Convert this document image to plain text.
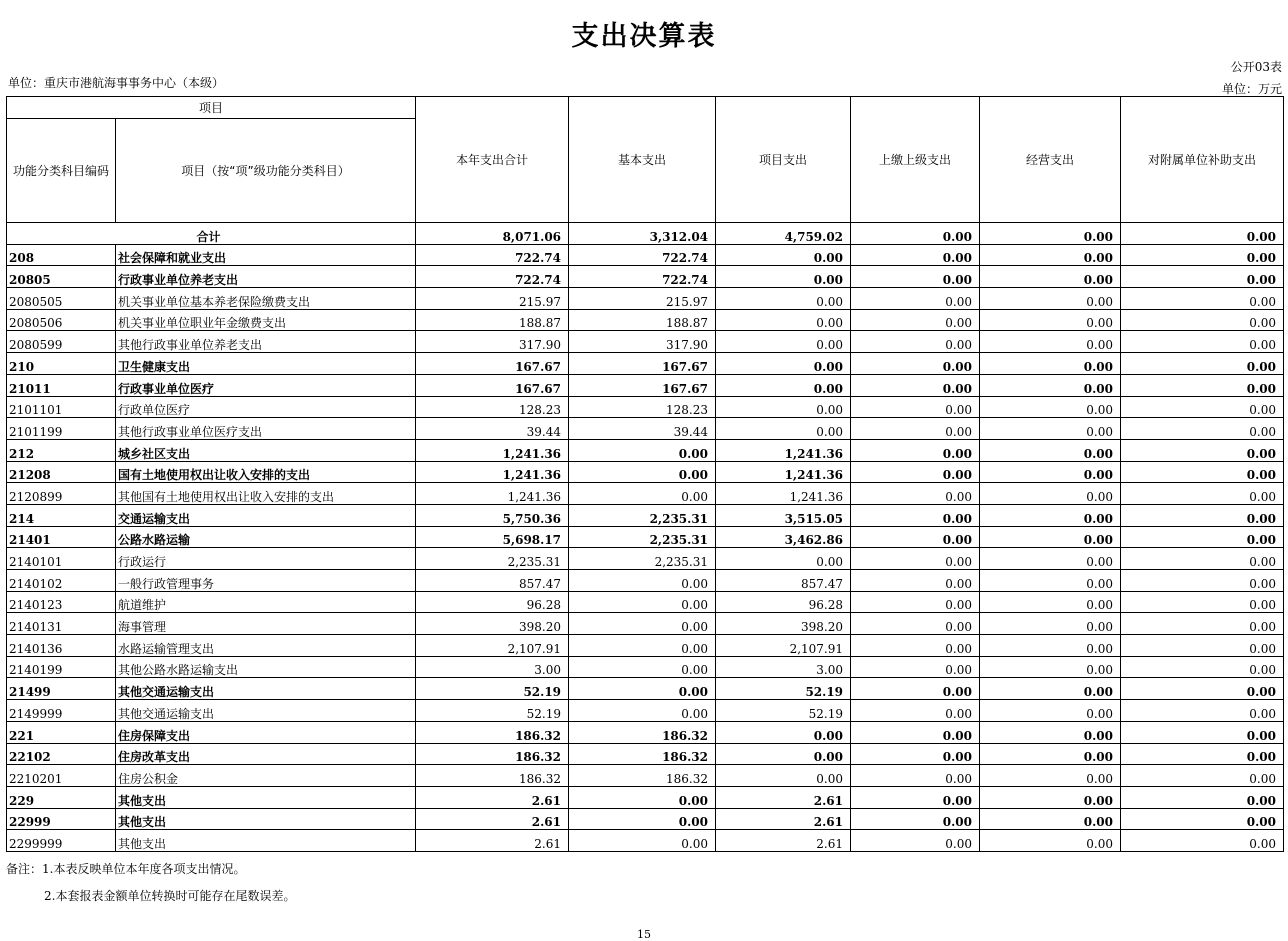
支出决算表
公开03表
单位：重庆市港航海事事务中心（本级）	单位：万元
项目		本年支出合计	基本支出	项目支出	上缴上级支出	经营支出	对附属单位补助支出
功能分类科目编码	项目（按“项”级功能分类科目）						
合计		8,071.06	3,312.04	4,759.02	0.00	0.00	0.00
208	社会保障和就业支出	722.74	722.74	0.00	0.00	0.00	0.00
20805	行政事业单位养老支出	722.74	722.74	0.00	0.00	0.00	0.00
2080505	机关事业单位基本养老保险缴费支出	215.97	215.97	0.00	0.00	0.00	0.00
2080506	机关事业单位职业年金缴费支出	188.87	188.87	0.00	0.00	0.00	0.00
2080599	其他行政事业单位养老支出	317.90	317.90	0.00	0.00	0.00	0.00
210	卫生健康支出	167.67	167.67	0.00	0.00	0.00	0.00
21011	行政事业单位医疗	167.67	167.67	0.00	0.00	0.00	0.00
2101101	行政单位医疗	128.23	128.23	0.00	0.00	0.00	0.00
2101199	其他行政事业单位医疗支出	39.44	39.44	0.00	0.00	0.00	0.00
212	城乡社区支出	1,241.36	0.00	1,241.36	0.00	0.00	0.00
21208	国有土地使用权出让收入安排的支出	1,241.36	0.00	1,241.36	0.00	0.00	0.00
2120899	其他国有土地使用权出让收入安排的支出	1,241.36	0.00	1,241.36	0.00	0.00	0.00
214	交通运输支出	5,750.36	2,235.31	3,515.05	0.00	0.00	0.00
21401	公路水路运输	5,698.17	2,235.31	3,462.86	0.00	0.00	0.00
2140101	行政运行	2,235.31	2,235.31	0.00	0.00	0.00	0.00
2140102	一般行政管理事务	857.47	0.00	857.47	0.00	0.00	0.00
2140123	航道维护	96.28	0.00	96.28	0.00	0.00	0.00
2140131	海事管理	398.20	0.00	398.20	0.00	0.00	0.00
2140136	水路运输管理支出	2,107.91	0.00	2,107.91	0.00	0.00	0.00
2140199	其他公路水路运输支出	3.00	0.00	3.00	0.00	0.00	0.00
21499	其他交通运输支出	52.19	0.00	52.19	0.00	0.00	0.00
2149999	其他交通运输支出	52.19	0.00	52.19	0.00	0.00	0.00
221	住房保障支出	186.32	186.32	0.00	0.00	0.00	0.00
22102	住房改革支出	186.32	186.32	0.00	0.00	0.00	0.00
2210201	住房公积金	186.32	186.32	0.00	0.00	0.00	0.00
229	其他支出	2.61	0.00	2.61	0.00	0.00	0.00
22999	其他支出	2.61	0.00	2.61	0.00	0.00	0.00
2299999	其他支出	2.61	0.00	2.61	0.00	0.00	0.00
备注：1.本表反映单位本年度各项支出情况。
2.本套报表金额单位转换时可能存在尾数误差。
15
